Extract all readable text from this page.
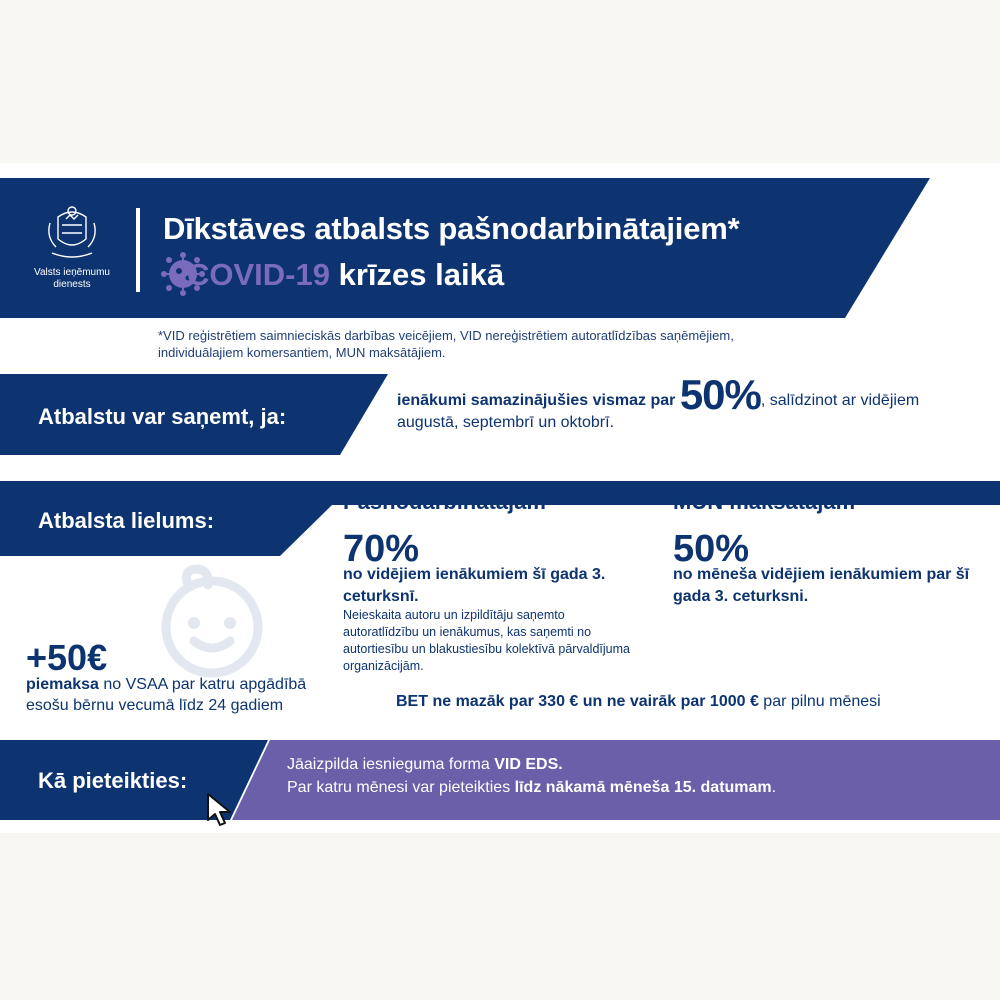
Valsts ieņēmumu
dienests
Dīkstāves atbalsts pašnodarbinātajiem*
COVID-19 krīzes laikā
*VID reģistrētiem saimnieciskās darbības veicējiem, VID nereģistrētiem autoratlīdzības saņēmējiem, individuālajiem komersantiem, MUN maksātājiem.
Atbalstu var saņemt, ja:
ienākumi samazinājušies vismaz par 50%, salīdzinot ar vidējiem augustā, septembrī un oktobrī.
Atbalsta lielums:
Pašnodarbinātajam	MUN maksātājam
70%
no vidējiem ienākumiem šī gada 3. ceturksnī.
Neieskaita autoru un izpildītāju saņemto autoratlīdzību un ienākumus, kas saņemti no autortiesību un blakustiesību kolektīvā pārvaldījuma organizācijām.
50%
no mēneša vidējiem ienākumiem par šī gada 3. ceturksni.
+50€
piemaksa no VSAA par katru apgādībā esošu bērnu vecumā līdz 24 gadiem	BET ne mazāk par 330 € un ne vairāk par 1000 € par pilnu mēnesi
Kā pieteikties:
Jāaizpilda iesnieguma forma VID EDS.
Par katru mēnesi var pieteikties līdz nākamā mēneša 15. datumam.
